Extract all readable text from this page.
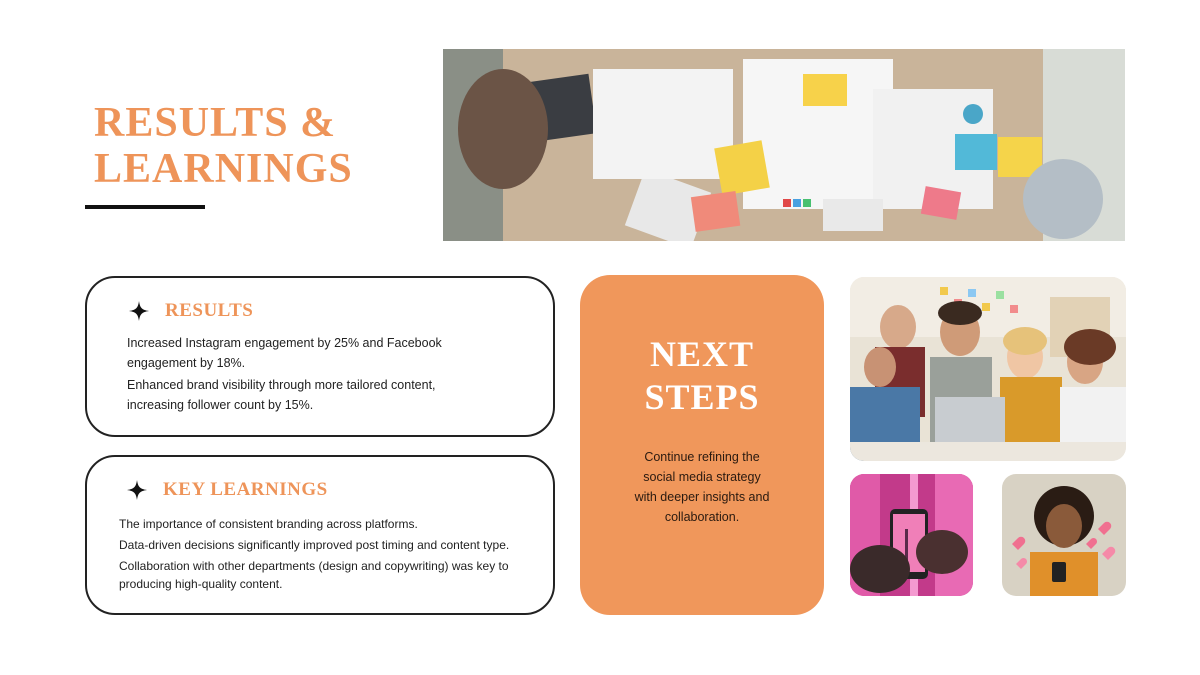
RESULTS &
LEARNINGS
RESULTS

Increased Instagram engagement by 25% and Facebook engagement by 18%.

Enhanced brand visibility through more tailored content, increasing follower count by 15%.

KEY LEARNINGS

The importance of consistent branding across platforms.

Data-driven decisions significantly improved post timing and content type.

Collaboration with other departments (design and copywriting) was key to producing high-quality content.

NEXT
STEPS
Continue refining the social media strategy with deeper insights and collaboration.
